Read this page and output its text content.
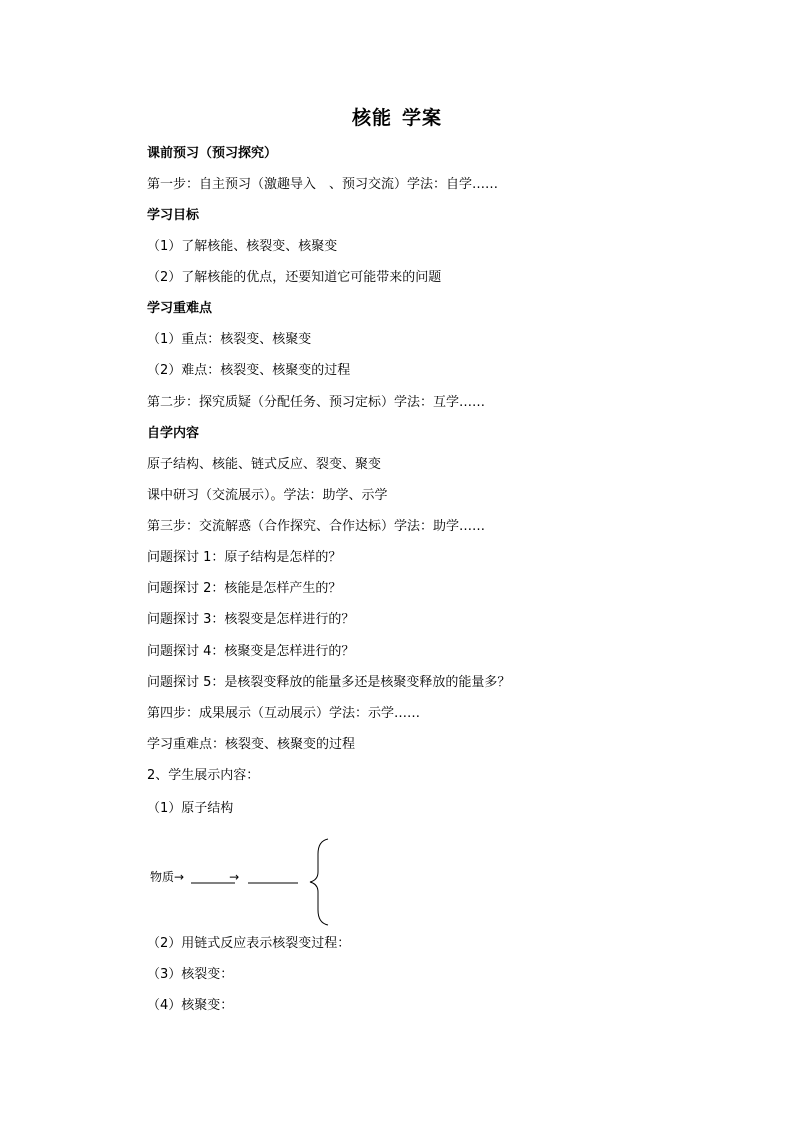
核能 学案
课前预习（预习探究）
第一步：自主预习（激趣导入　、预习交流）学法：自学……
学习目标
（1）了解核能、核裂变、核聚变
（2）了解核能的优点，还要知道它可能带来的问题
学习重难点
（1）重点：核裂变、核聚变
（2）难点：核裂变、核聚变的过程
第二步：探究质疑（分配任务、预习定标）学法：互学……
自学内容
原子结构、核能、链式反应、裂变、聚变
课中研习（交流展示）。学法：助学、示学
第三步：交流解惑（合作探究、合作达标）学法：助学……
问题探讨 1：原子结构是怎样的？
问题探讨 2：核能是怎样产生的？
问题探讨 3：核裂变是怎样进行的？
问题探讨 4：核聚变是怎样进行的？
问题探讨 5：是核裂变释放的能量多还是核聚变释放的能量多？
第四步：成果展示（互动展示）学法：示学……
学习重难点：核裂变、核聚变的过程
2、学生展示内容：
（1）原子结构
物质→	→
（2）用链式反应表示核裂变过程：
（3）核裂变：
（4）核聚变：
